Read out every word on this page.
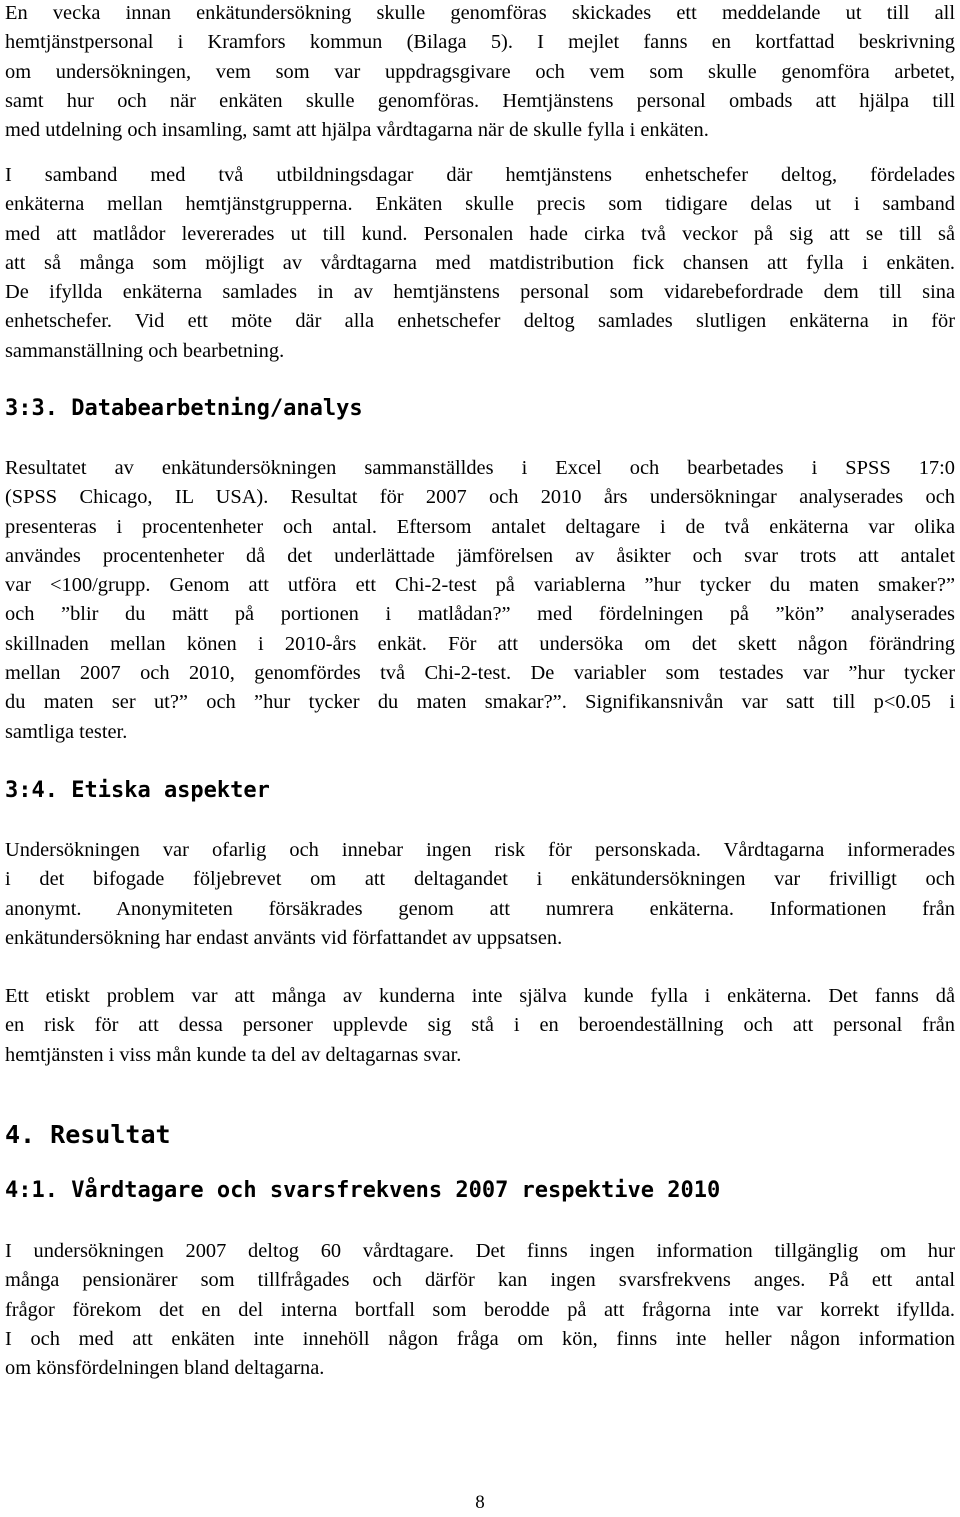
En vecka innan enkätundersökning skulle genomföras skickades ett meddelande ut till all
hemtjänstpersonal i Kramfors kommun (Bilaga 5). I mejlet fanns en kortfattad beskrivning
om undersökningen, vem som var uppdragsgivare och vem som skulle genomföra arbetet,
samt hur och när enkäten skulle genomföras. Hemtjänstens personal ombads att hjälpa till
med utdelning och insamling, samt att hjälpa vårdtagarna när de skulle fylla i enkäten.
I samband med två utbildningsdagar där hemtjänstens enhetschefer deltog, fördelades
enkäterna mellan hemtjänstgrupperna. Enkäten skulle precis som tidigare delas ut i samband
med att matlådor levererades ut till kund. Personalen hade cirka två veckor på sig att se till så
att så många som möjligt av vårdtagarna med matdistribution fick chansen att fylla i enkäten.
De ifyllda enkäterna samlades in av hemtjänstens personal som vidarebefordrade dem till sina
enhetschefer. Vid ett möte där alla enhetschefer deltog samlades slutligen enkäterna in för
sammanställning och bearbetning.
3:3. Databearbetning/analys
Resultatet av enkätundersökningen sammanställdes i Excel och bearbetades i SPSS 17:0
(SPSS Chicago, IL USA). Resultat för 2007 och 2010 års undersökningar analyserades och
presenteras i procentenheter och antal. Eftersom antalet deltagare i de två enkäterna var olika
användes procentenheter då det underlättade jämförelsen av åsikter och svar trots att antalet
var <100/grupp. Genom att utföra ett Chi-2-test på variablerna ”hur tycker du maten smaker?”
och ”blir du mätt på portionen i matlådan?” med fördelningen på ”kön” analyserades
skillnaden mellan könen i 2010-års enkät. För att undersöka om det skett någon förändring
mellan 2007 och 2010, genomfördes två Chi-2-test. De variabler som testades var ”hur tycker
du maten ser ut?” och ”hur tycker du maten smakar?”. Signifikansnivån var satt till p<0.05 i
samtliga tester.
3:4. Etiska aspekter
Undersökningen var ofarlig och innebar ingen risk för personskada. Vårdtagarna informerades
i det bifogade följebrevet om att deltagandet i enkätundersökningen var frivilligt och
anonymt. Anonymiteten försäkrades genom att numrera enkäterna. Informationen från
enkätundersökning har endast använts vid författandet av uppsatsen.
Ett etiskt problem var att många av kunderna inte själva kunde fylla i enkäterna. Det fanns då
en risk för att dessa personer upplevde sig stå i en beroendeställning och att personal från
hemtjänsten i viss mån kunde ta del av deltagarnas svar.
4. Resultat
4:1. Vårdtagare och svarsfrekvens 2007 respektive 2010
I undersökningen 2007 deltog 60 vårdtagare. Det finns ingen information tillgänglig om hur
många pensionärer som tillfrågades och därför kan ingen svarsfrekvens anges. På ett antal
frågor förekom det en del interna bortfall som berodde på att frågorna inte var korrekt ifyllda.
I och med att enkäten inte innehöll någon fråga om kön, finns inte heller någon information
om könsfördelningen bland deltagarna.
8
